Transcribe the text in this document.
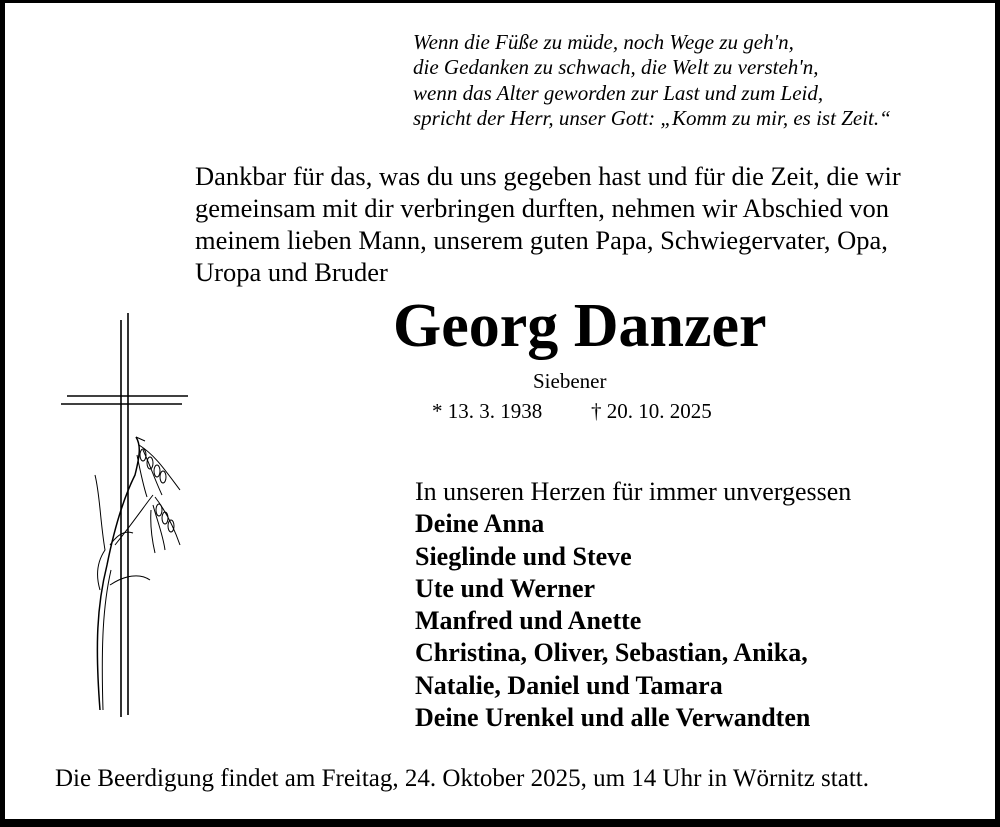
Wenn die Füße zu müde, noch Wege zu geh'n,
die Gedanken zu schwach, die Welt zu versteh'n,
wenn das Alter geworden zur Last und zum Leid,
spricht der Herr, unser Gott: „Komm zu mir, es ist Zeit.“
Dankbar für das, was du uns gegeben hast und für die Zeit, die wir
gemeinsam mit dir verbringen durften, nehmen wir Abschied von
meinem lieben Mann, unserem guten Papa, Schwiegervater, Opa,
Uropa und Bruder
Georg Danzer
Siebener
* 13. 3. 1938 † 20. 10. 2025
In unseren Herzen für immer unvergessen
Deine Anna
Sieglinde und Steve
Ute und Werner
Manfred und Anette
Christina, Oliver, Sebastian, Anika,
Natalie, Daniel und Tamara
Deine Urenkel und alle Verwandten
Die Beerdigung findet am Freitag, 24. Oktober 2025, um 14 Uhr in Wörnitz statt.
